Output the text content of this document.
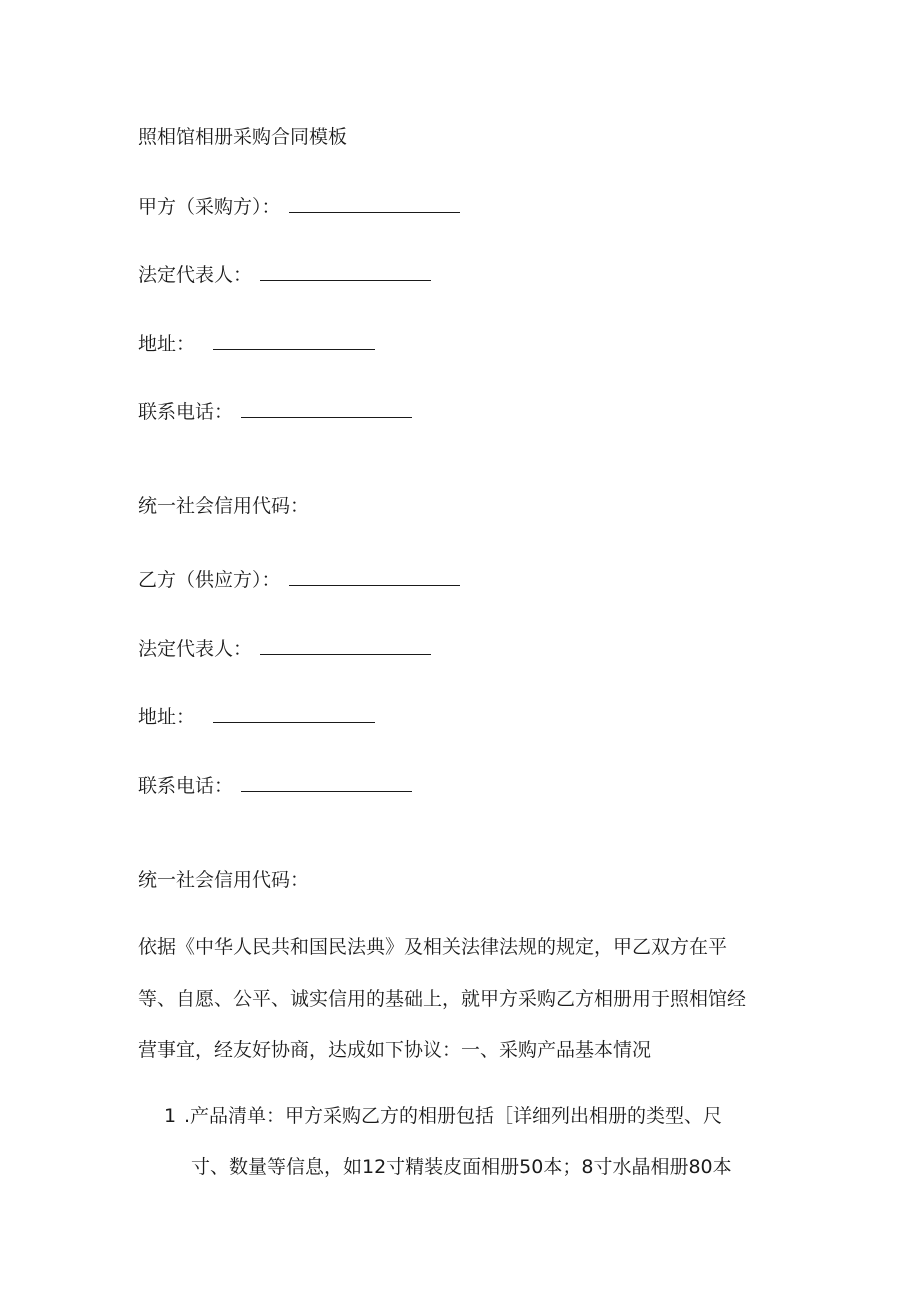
照相馆相册采购合同模板
甲方（采购方）：
法定代表人：
地址：
联系电话：
统一社会信用代码：
乙方（供应方）：
法定代表人：
地址：
联系电话：
统一社会信用代码：
依据《中华人民共和国民法典》及相关法律法规的规定，甲乙双方在平
等、自愿、公平、诚实信用的基础上，就甲方采购乙方相册用于照相馆经
营事宜，经友好协商，达成如下协议：一、采购产品基本情况
1 .产品清单：甲方采购乙方的相册包括［详细列出相册的类型、尺
寸、数量等信息，如12寸精装皮面相册50本；8寸水晶相册80本
